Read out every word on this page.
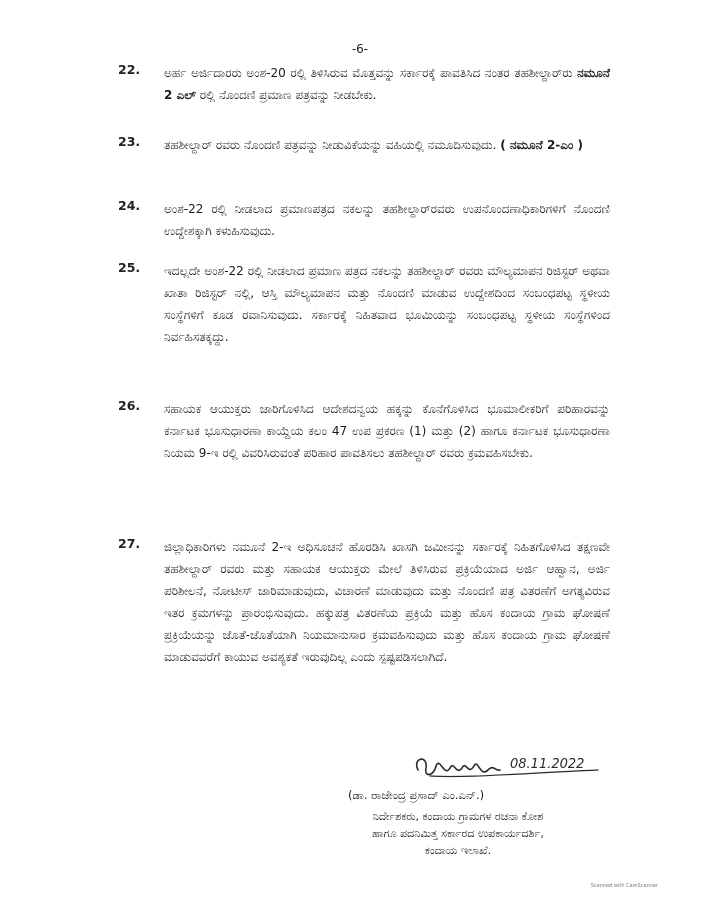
-6-
22.	ಅರ್ಹ ಅರ್ಜಿದಾರರು ಅಂಶ-20 ರಲ್ಲಿ ತಿಳಿಸಿರುವ ಮೊತ್ತವನ್ನು ಸರ್ಕಾರಕ್ಕೆ ಪಾವತಿಸಿದ ನಂತರ ತಹಶೀಲ್ದಾರ್‌ರು ನಮೂನೆ 2 ಎಲ್ ರಲ್ಲಿ ನೊಂದಣಿ ಪ್ರಮಾಣ ಪತ್ರವನ್ನು ನೀಡಬೇಕು.
23.	ತಹಶೀಲ್ದಾರ್ ರವರು ನೊಂದಣಿ ಪತ್ರವನ್ನು ನೀಡುವಿಕೆಯನ್ನು ವಹಿಯಲ್ಲಿ ನಮೂದಿಸುವುದು. ( ನಮೂನೆ 2-ಎಂ )
24.	ಅಂಶ-22 ರಲ್ಲಿ ನೀಡಲಾದ ಪ್ರಮಾಣಪತ್ರದ ನಕಲನ್ನು ತಹಶೀಲ್ದಾರ್‌ರವರು ಉಪನೊಂದಣಾಧಿಕಾರಿಗಳಿಗೆ ನೊಂದಣಿ ಉದ್ದೇಶಕ್ಕಾಗಿ ಕಳುಹಿಸುವುದು.
25.	ಇದಲ್ಲದೇ ಅಂಶ-22 ರಲ್ಲಿ ನೀಡಲಾದ ಪ್ರಮಾಣ ಪತ್ರದ ನಕಲನ್ನು ತಹಶೀಲ್ದಾರ್ ರವರು ಮೌಲ್ಯಮಾಪನ ರಿಜಿಸ್ಟರ್ ಅಥವಾ ಖಾತಾ ರಿಜಿಸ್ಟರ್ ನಲ್ಲಿ, ಆಸ್ತಿ ಮೌಲ್ಯಮಾಪನ ಮತ್ತು ನೊಂದಣಿ ಮಾಡುವ ಉದ್ದೇಶದಿಂದ ಸಂಬಂಧಪಟ್ಟ ಸ್ಥಳೀಯ ಸಂಸ್ಥೆಗಳಿಗೆ ಕೂಡ ರವಾನಿಸುವುದು. ಸರ್ಕಾರಕ್ಕೆ ನಿಹಿತವಾದ ಭೂಮಿಯನ್ನು ಸಂಬಂಧಪಟ್ಟ ಸ್ಥಳೀಯ ಸಂಸ್ಥೆಗಳಿಂದ ನಿರ್ವಹಿಸತಕ್ಕದ್ದು.
26.	ಸಹಾಯಕ ಆಯುಕ್ತರು ಜಾರಿಗೊಳಿಸಿದ ಆದೇಶದನ್ವಯ ಹಕ್ಕನ್ನು ಕೊನೆಗೊಳಿಸಿದ ಭೂಮಾಲೀಕರಿಗೆ ಪರಿಹಾರವನ್ನು ಕರ್ನಾಟಕ ಭೂಸುಧಾರಣಾ ಕಾಯ್ದೆಯ ಕಲಂ 47 ಉಪ ಪ್ರಕರಣ (1) ಮತ್ತು (2) ಹಾಗೂ ಕರ್ನಾಟಕ ಭೂಸುಧಾರಣಾ ನಿಯಮ 9-ಇ ರಲ್ಲಿ ವಿವರಿಸಿರುವಂತೆ ಪರಿಹಾರ ಪಾವತಿಸಲು ತಹಶೀಲ್ದಾರ್ ರವರು ಕ್ರಮವಹಿಸಬೇಕು.
27.	ಜಿಲ್ಲಾಧಿಕಾರಿಗಳು ನಮೂನೆ 2-ಇ ಅಧಿಸೂಚನೆ ಹೊರಡಿಸಿ ಖಾಸಗಿ ಜಮೀನನ್ನು ಸರ್ಕಾರಕ್ಕೆ ನಿಹಿತಗೊಳಿಸಿದ ತಕ್ಷಣವೇ ತಹಶೀಲ್ದಾರ್ ರವರು ಮತ್ತು ಸಹಾಯಕ ಆಯುಕ್ತರು ಮೇಲೆ ತಿಳಿಸಿರುವ ಪ್ರಕ್ರಿಯೆಯಾದ ಅರ್ಜಿ ಆಹ್ವಾನ, ಅರ್ಜಿ ಪರಿಶೀಲನೆ, ನೋಟೀಸ್ ಜಾರಿಮಾಡುವುದು, ವಿಚಾರಣೆ ಮಾಡುವುದು ಮತ್ತು ನೊಂದಣಿ ಪತ್ರ ವಿತರಣೆಗೆ ಅಗತ್ಯವಿರುವ ಇತರ ಕ್ರಮಗಳನ್ನು ಪ್ರಾರಂಭಿಸುವುದು. ಹಕ್ಕುಪತ್ರ ವಿತರಣೆಯ ಪ್ರಕ್ರಿಯೆ ಮತ್ತು ಹೊಸ ಕಂದಾಯ ಗ್ರಾಮ ಘೋಷಣೆ ಪ್ರಕ್ರಿಯೆಯನ್ನು ಜೊತೆ-ಜೊತೆಯಾಗಿ ನಿಯಮಾನುಸಾರ ಕ್ರಮವಹಿಸುವುದು ಮತ್ತು ಹೊಸ ಕಂದಾಯ ಗ್ರಾಮ ಘೋಷಣೆ ಮಾಡುವವರೆಗೆ ಕಾಯುವ ಅವಶ್ಯಕತೆ ಇರುವುದಿಲ್ಲ ಎಂದು ಸ್ಪಷ್ಟಪಡಿಸಲಾಗಿದೆ.
08.11.2022
(ಡಾ. ರಾಜೇಂದ್ರ ಪ್ರಸಾದ್ ಎಂ.ಎನ್.)
ನಿರ್ದೇಶಕರು, ಕಂದಾಯ ಗ್ರಾಮಗಳ ರಚನಾ ಕೋಶ
ಹಾಗೂ ಪದನಿಮಿತ್ತ ಸರ್ಕಾರದ ಉಪಕಾರ್ಯದರ್ಶಿ,
ಕಂದಾಯ ಇಲಾಖೆ.
Scanned with CamScanner
